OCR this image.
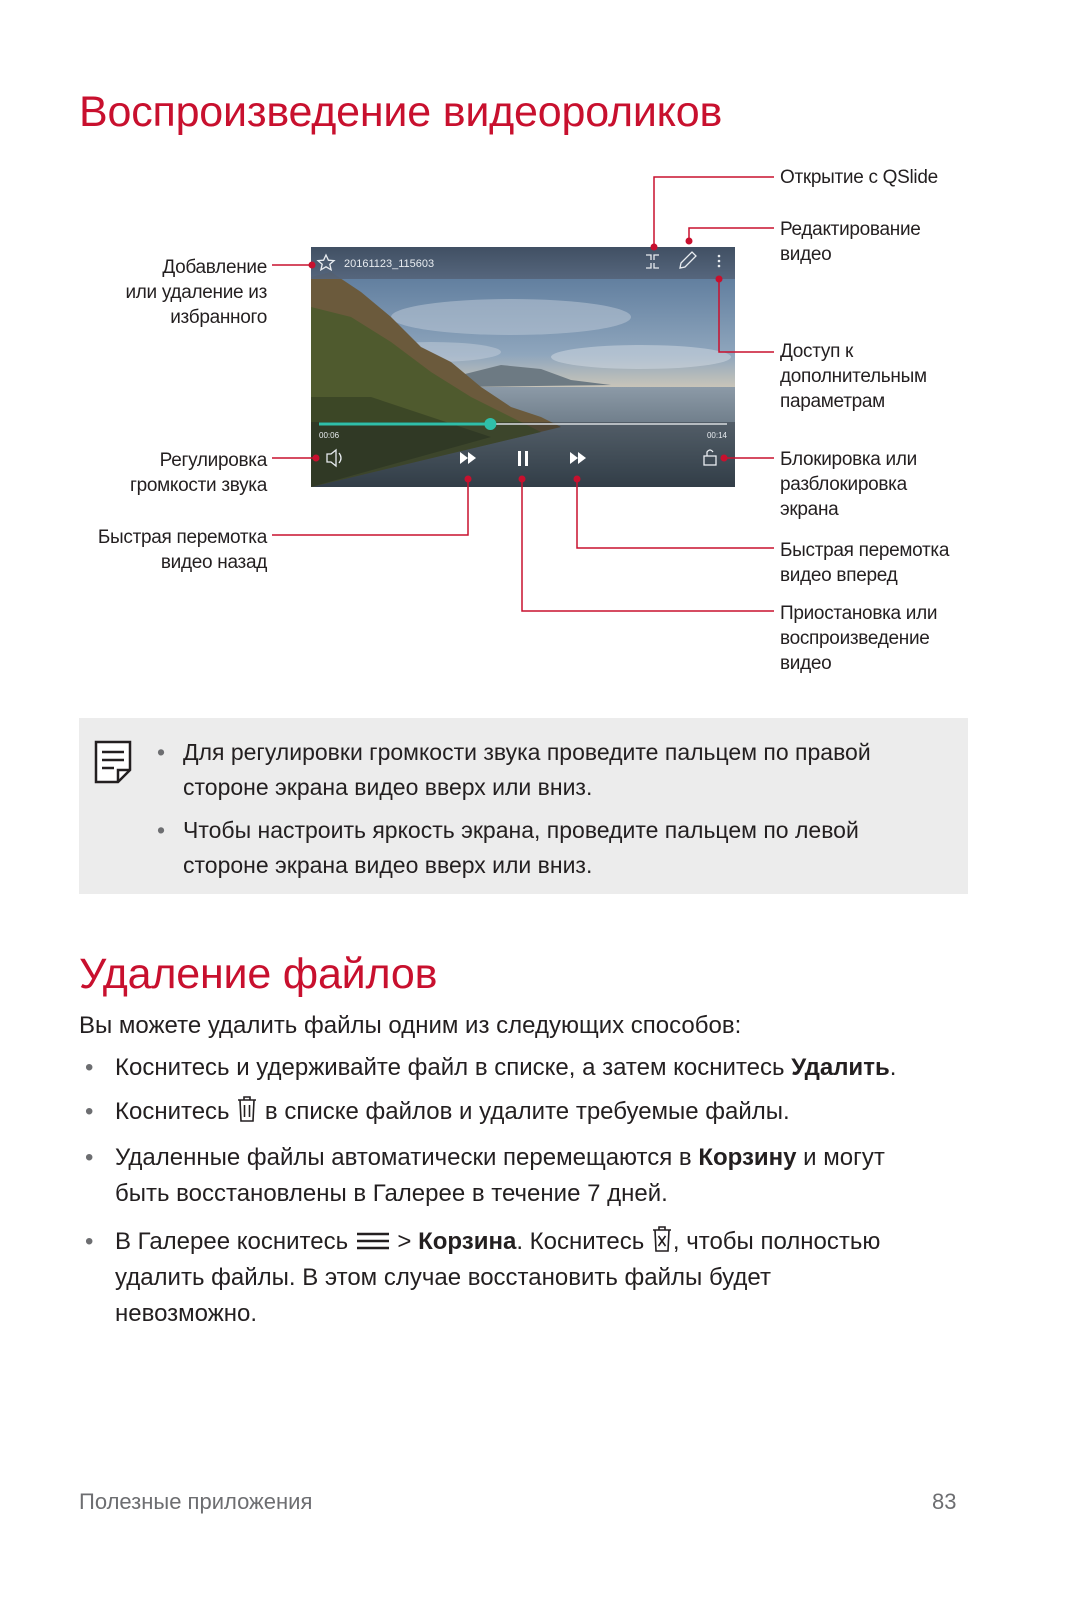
Воспроизведение видеороликов
Добавление
или удаление из
избранного
Регулировка
громкости звука
Быстрая перемотка
видео назад
Открытие с QSlide
Редактирование
видео
Доступ к
дополнительным
параметрам
Блокировка или
разблокировка
экрана
Быстрая перемотка
видео вперед
Приостановка или
воспроизведение
видео
20161123_115603
00:06	00:14
• Для регулировки громкости звука проведите пальцем по правой
стороне экрана видео вверх или вниз.
• Чтобы настроить яркость экрана, проведите пальцем по левой
стороне экрана видео вверх или вниз.
Удаление файлов
Вы можете удалить файлы одним из следующих способов:
• Коснитесь и удерживайте файл в списке, а затем коснитесь Удалить.
• Коснитесь  в списке файлов и удалите требуемые файлы.
• Удаленные файлы автоматически перемещаются в Корзину и могут
быть восстановлены в Галерее в течение 7 дней.
• В Галерее коснитесь  > Корзина. Коснитесь , чтобы полностью
удалить файлы. В этом случае восстановить файлы будет
невозможно.
Полезные приложения	83
